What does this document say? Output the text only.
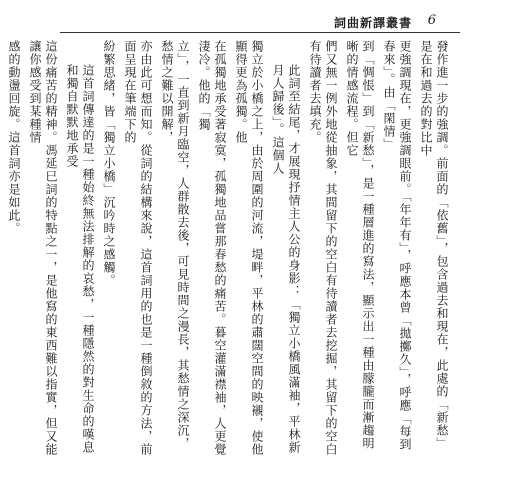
詞曲新譯叢書 6
發作進一步的強調。前面的「依舊」，包含過去和現在，此處的「新愁」是在和過去的對比中
更強調現在，更強調眼前。「年年有」，呼應本曾「拋擲久」，呼應「每到春來」。由「閑情」
到「惆悵」到「新愁」，是一種層進的寫法，顯示出一種由朦朧而漸趨明晰的情感流程。但它
們又無一例外地從抽象，其間留下的空白有待讀者去挖掘，其留下的空白有待讀者去填充。
此詞至結尾，才展現抒情主人公的身影：「獨立小橋風滿袖，平林新月人歸後」。這個人
獨立於小橋之上，由於周圍的河流，堤畔，平林的肅闊空間的映襯，使他顯得更為孤獨。他
在孤獨地承受著寂寞，孤獨地品嘗那春愁的痛苦。暮空灌滿襟袖，人更覺淒冷。他的「獨
立」，一直到新月臨空，人群散去後，可見時間之漫長，其愁情之深沉，愁情之難以開解，
亦由此可想而知。從詞的結構來說，這首詞用的也是一種倒敘的方法，前面呈現在筆端下的
紛繁思緒，皆「獨立小橋」沉吟時之感觸。
這首詞傳達的是一種始終無法排解的哀愁，一種隱然的對生命的嘆息和獨自默默地承受
這份痛苦的精神。馮延巳詞的特點之一，是他寫的東西難以指實，但又能讓你感受到某種情
感的動盪回旋。這首詞亦是如此。
